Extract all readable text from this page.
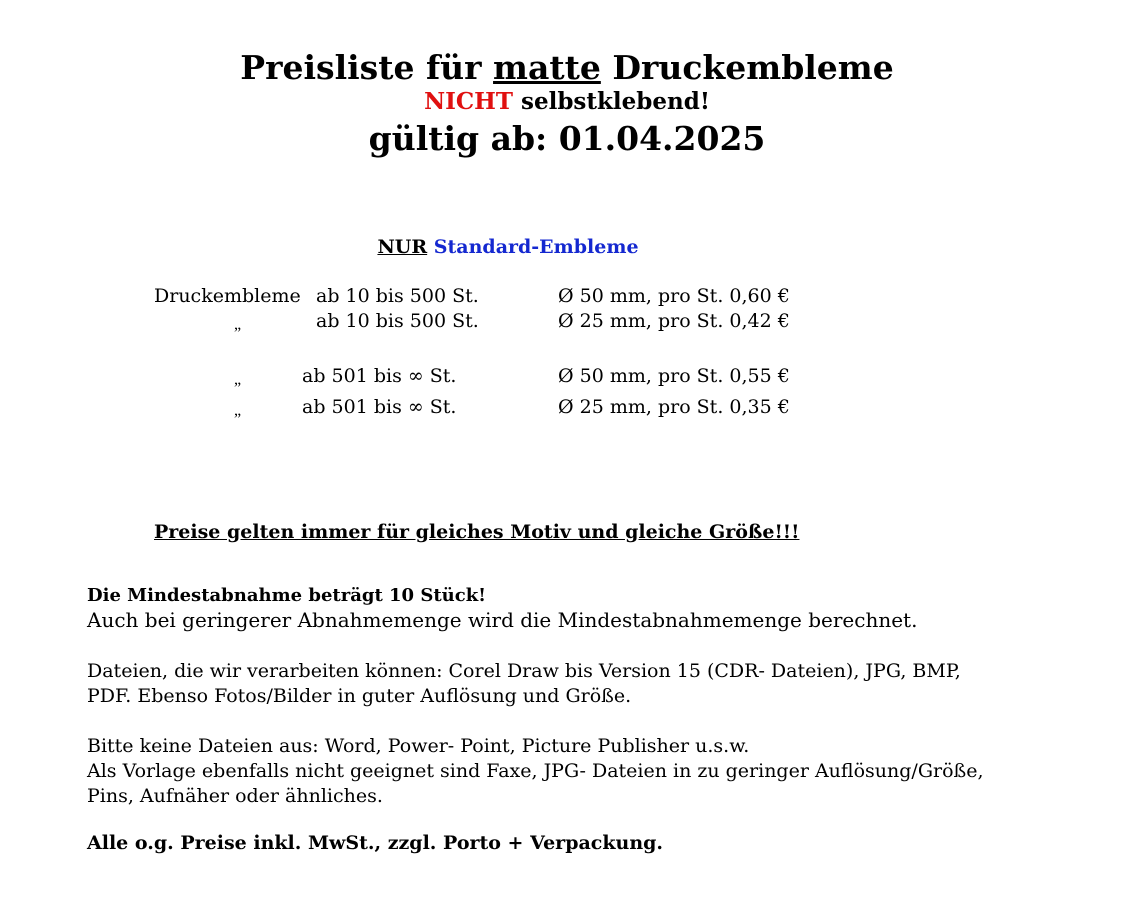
Preisliste für matte Druckembleme
NICHT selbstklebend!
gültig ab: 01.04.2025
NUR Standard-Embleme
Druckembleme ab 10 bis 500 St.	Ø 50 mm, pro St. 0,60 €
„	ab 10 bis 500 St.	Ø 25 mm, pro St. 0,42 €
„	ab 501 bis ∞ St.	Ø 50 mm, pro St. 0,55 €
„	ab 501 bis ∞ St.	Ø 25 mm, pro St. 0,35 €
Preise gelten immer für gleiches Motiv und gleiche Größe!!!
Die Mindestabnahme beträgt 10 Stück!
Auch bei geringerer Abnahmemenge wird die Mindestabnahmemenge berechnet.
Dateien, die wir verarbeiten können: Corel Draw bis Version 15 (CDR- Dateien), JPG, BMP,
PDF. Ebenso Fotos/Bilder in guter Auflösung und Größe.
Bitte keine Dateien aus: Word, Power- Point, Picture Publisher u.s.w.
Als Vorlage ebenfalls nicht geeignet sind Faxe, JPG- Dateien in zu geringer Auflösung/Größe,
Pins, Aufnäher oder ähnliches.
Alle o.g. Preise inkl. MwSt., zzgl. Porto + Verpackung.
